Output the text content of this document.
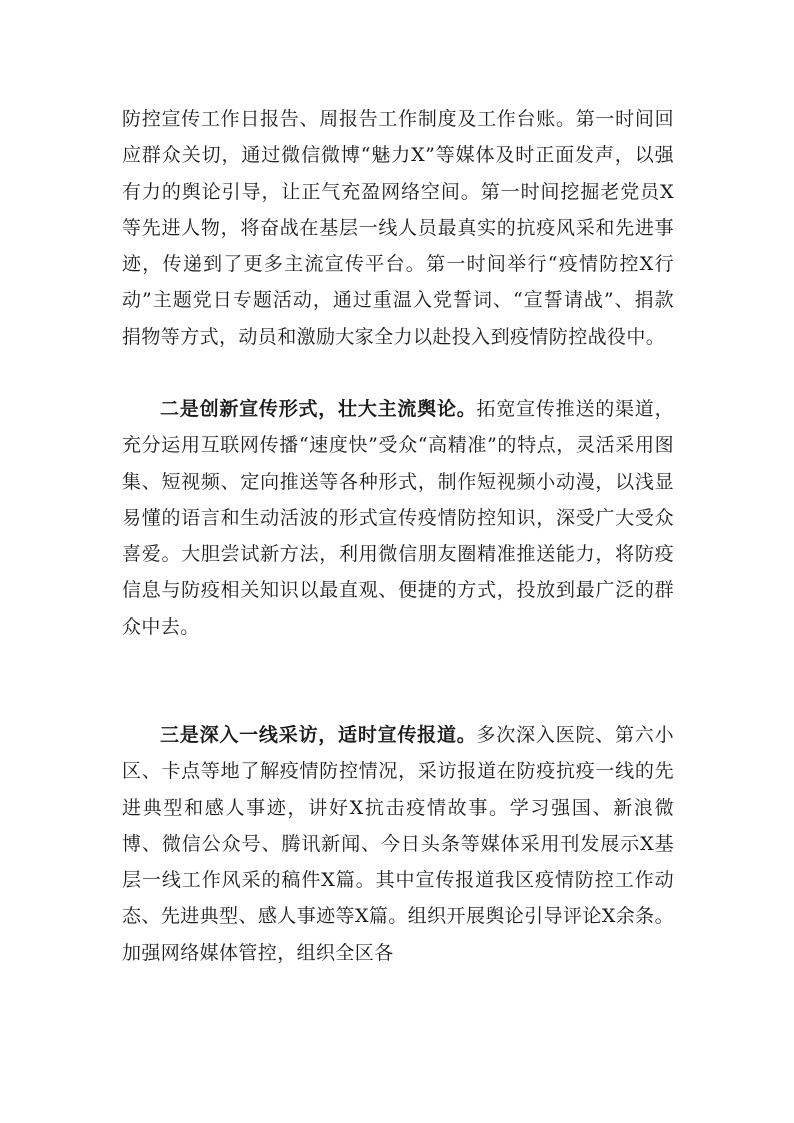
防控宣传工作日报告、周报告工作制度及工作台账。第一时间回应群众关切，通过微信微博“魅力X”等媒体及时正面发声，以强有力的舆论引导，让正气充盈网络空间。第一时间挖掘老党员X等先进人物，将奋战在基层一线人员最真实的抗疫风采和先进事迹，传递到了更多主流宣传平台。第一时间举行“疫情防控X行动”主题党日专题活动，通过重温入党誓词、“宣誓请战”、捐款捐物等方式，动员和激励大家全力以赴投入到疫情防控战役中。

二是创新宣传形式，壮大主流舆论。拓宽宣传推送的渠道，充分运用互联网传播“速度快”受众“高精准”的特点，灵活采用图集、短视频、定向推送等各种形式，制作短视频小动漫，以浅显易懂的语言和生动活波的形式宣传疫情防控知识，深受广大受众喜爱。大胆尝试新方法，利用微信朋友圈精准推送能力，将防疫信息与防疫相关知识以最直观、便捷的方式，投放到最广泛的群众中去。

三是深入一线采访，适时宣传报道。多次深入医院、第六小区、卡点等地了解疫情防控情况，采访报道在防疫抗疫一线的先进典型和感人事迹，讲好X抗击疫情故事。学习强国、新浪微博、微信公众号、腾讯新闻、今日头条等媒体采用刊发展示X基层一线工作风采的稿件X篇。其中宣传报道我区疫情防控工作动态、先进典型、感人事迹等X篇。组织开展舆论引导评论X余条。加强网络媒体管控，组织全区各
